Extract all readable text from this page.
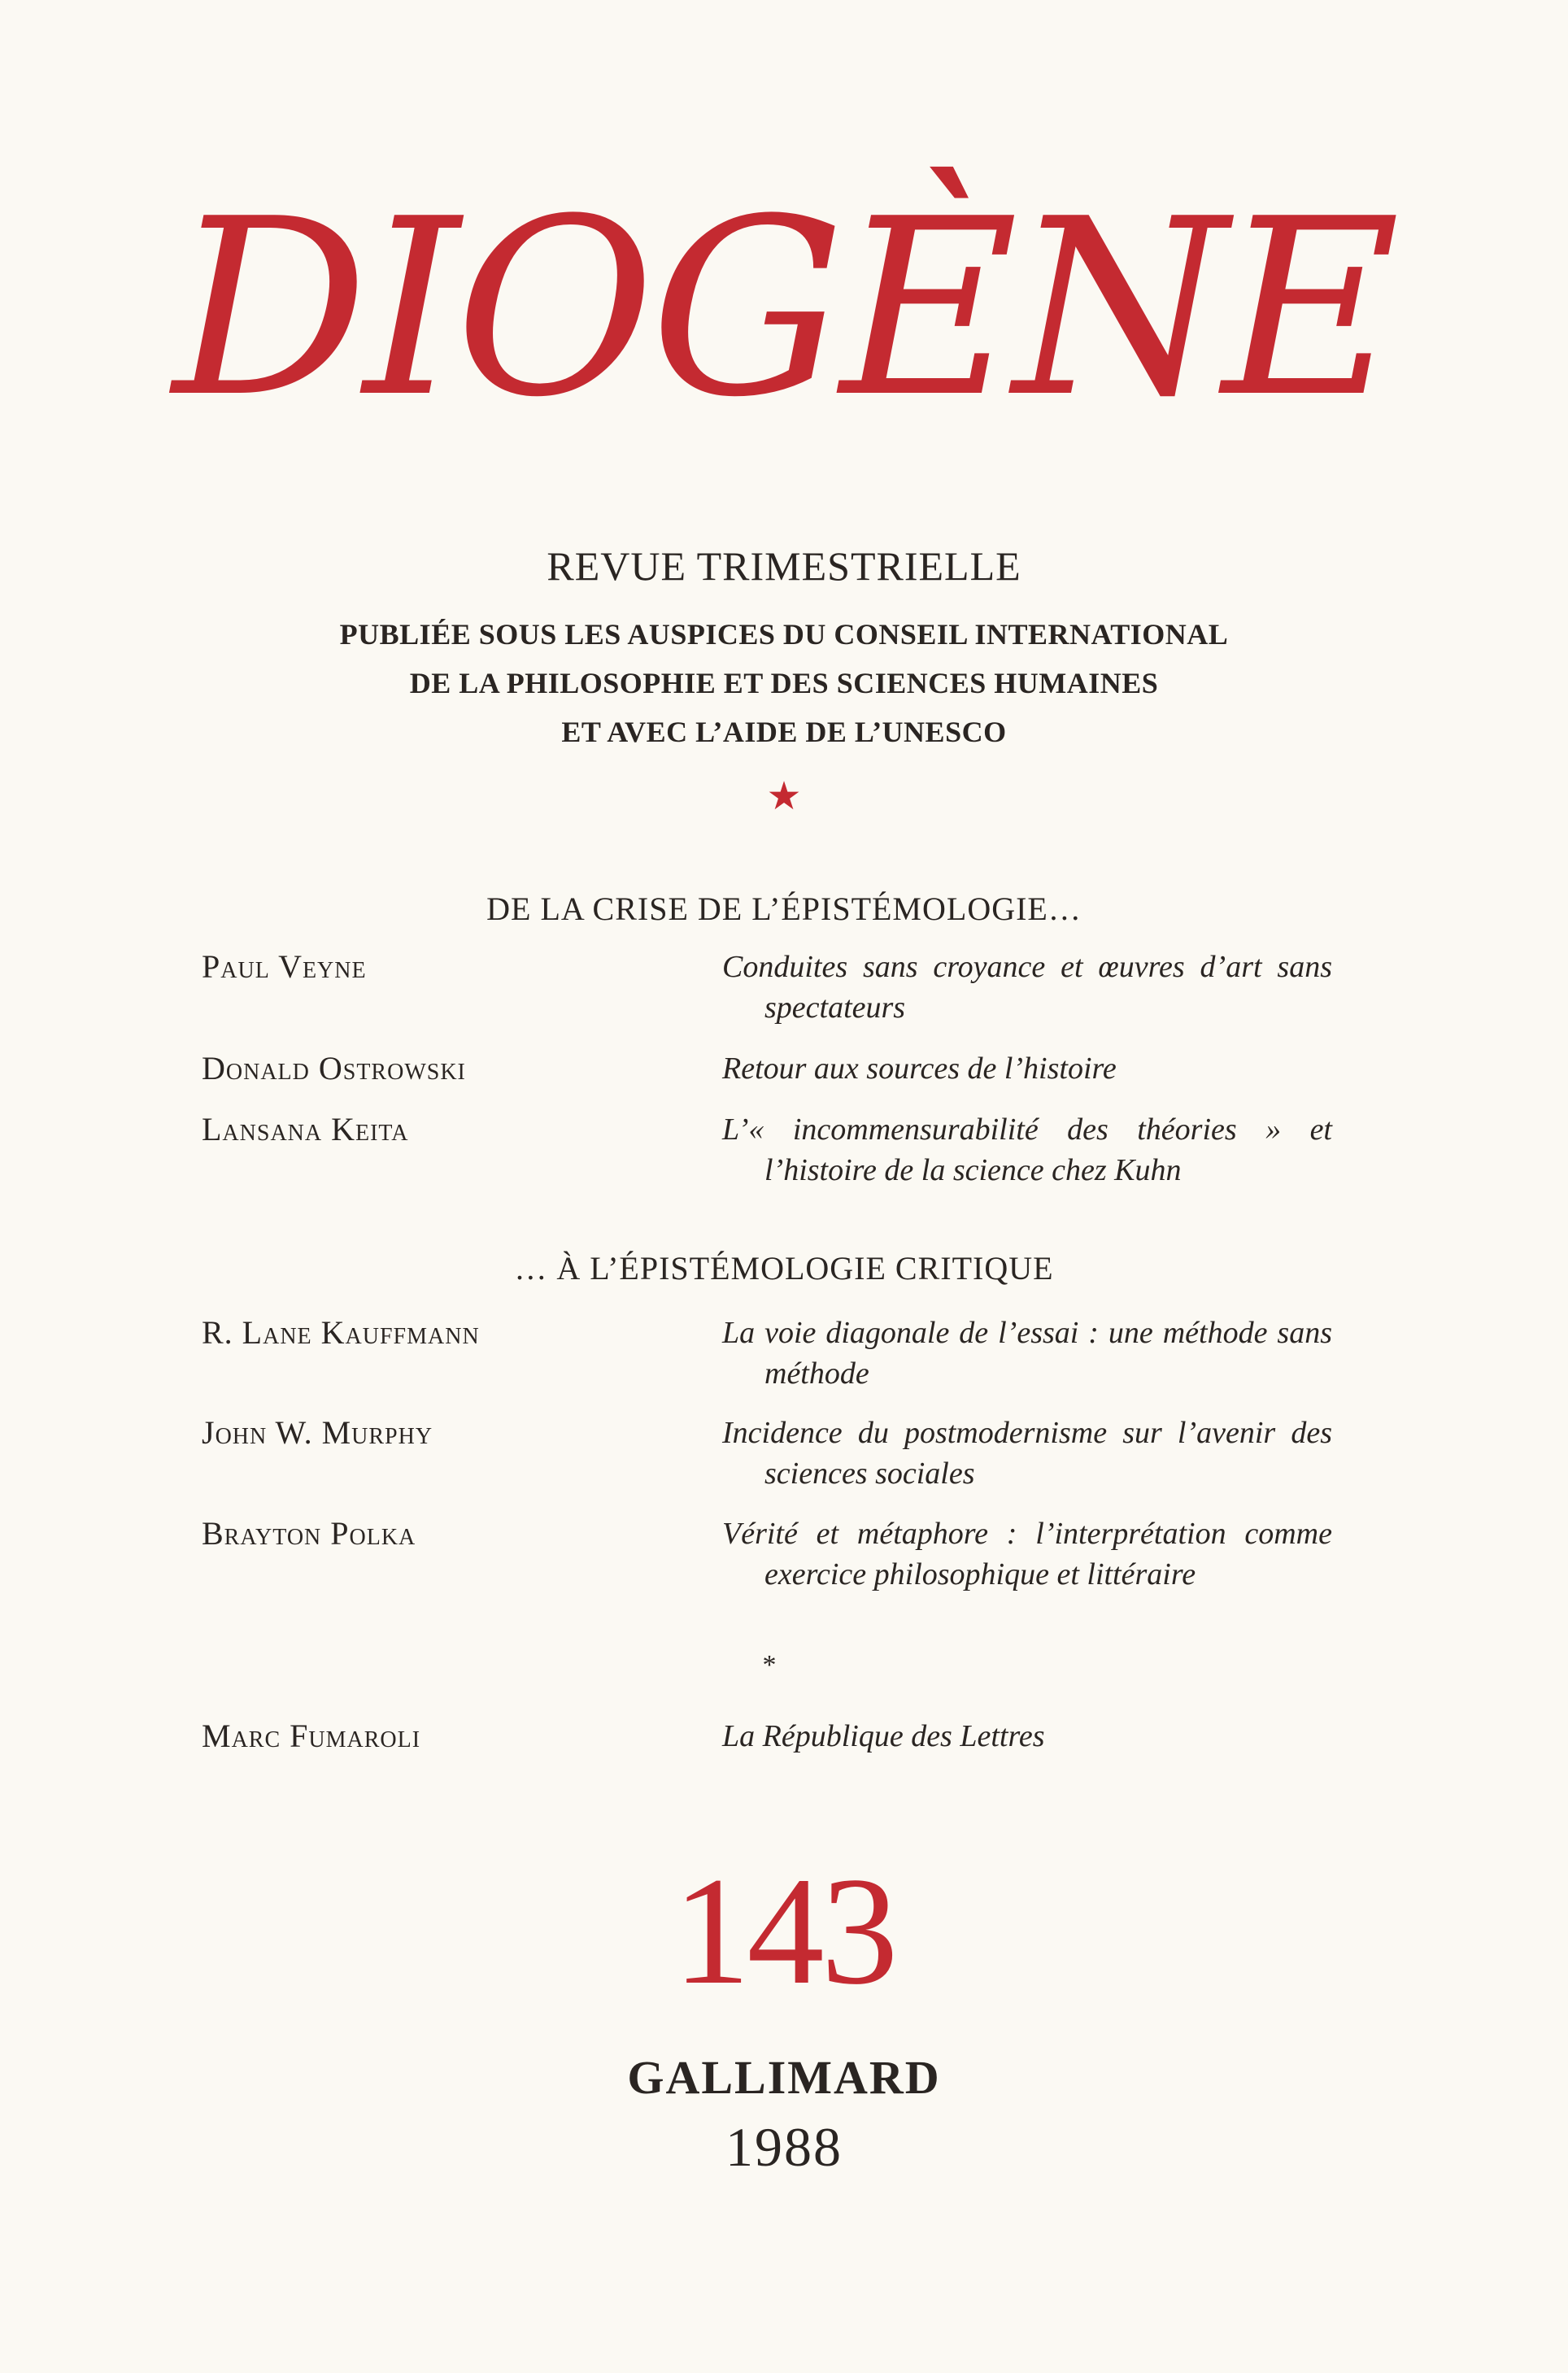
DIOGÈNE
REVUE TRIMESTRIELLE
PUBLIÉE SOUS LES AUSPICES DU CONSEIL INTERNATIONAL
DE LA PHILOSOPHIE ET DES SCIENCES HUMAINES
ET AVEC L’AIDE DE L’UNESCO
★
DE LA CRISE DE L’ÉPISTÉMOLOGIE…
Paul Veyne	Conduites sans croyance et œuvres d’art sans spectateurs
Donald Ostrowski	Retour aux sources de l’histoire
Lansana Keita	L’« incommensurabilité des théories » et l’histoire de la science chez Kuhn
… À L’ÉPISTÉMOLOGIE CRITIQUE
R. Lane Kauffmann	La voie diagonale de l’essai : une méthode sans méthode
John W. Murphy	Incidence du postmodernisme sur l’avenir des sciences sociales
Brayton Polka	Vérité et métaphore : l’interprétation comme exercice philosophique et littéraire
*
Marc Fumaroli	La République des Lettres
143
GALLIMARD
1988
